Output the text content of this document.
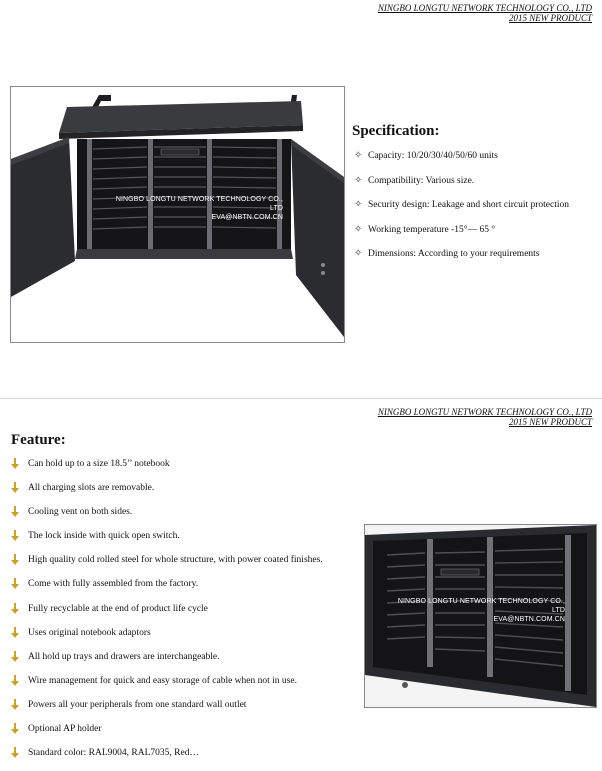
NINGBO LONGTU NETWORK TECHNOLOGY CO., LTD
2015 NEW PRODUCT
NINGBO LONGTU NETWORK TECHNOLOGY CO., LTD
EVA@NBTN.COM.CN
Specification:
✧ Capacity: 10/20/30/40/50/60 units
✧ Compatibility: Various size.
✧ Security design: Leakage and short circuit protection
✧ Working temperature -15°— 65 °
✧ Dimensions: According to your requirements
NINGBO LONGTU NETWORK TECHNOLOGY CO., LTD
2015 NEW PRODUCT
Feature:
Can hold up to a size 18.5’’ notebook
All charging slots are removable.
Cooling vent on both sides.
The lock inside with quick open switch.
High quality cold rolled steel for whole structure, with power coated finishes.
Come with fully assembled from the factory.
Fully recyclable at the end of product life cycle
Uses original notebook adaptors
All hold up trays and drawers are interchangeable.
Wire management for quick and easy storage of cable when not in use.
Powers all your peripherals from one standard wall outlet
Optional AP holder
Standard color: RAL9004, RAL7035, Red…
NINGBO LONGTU NETWORK TECHNOLOGY CO., LTD
EVA@NBTN.COM.CN
